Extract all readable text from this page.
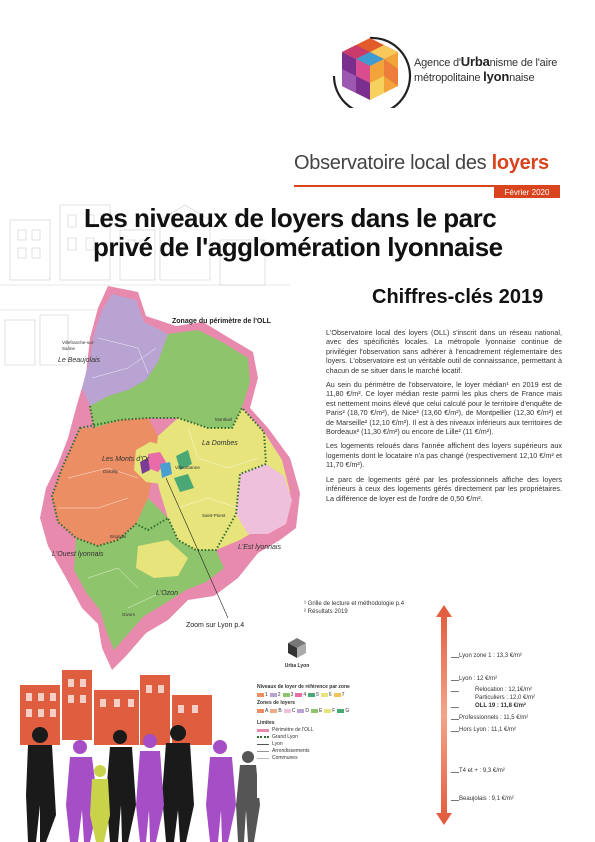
Agence d'Urbanisme de l'aire
métropolitaine lyonnaise
Observatoire local des loyers
Février 2020
Les niveaux de loyers dans le parc
privé de l'agglomération lyonnaise
Chiffres-clés 2019
Zonage du périmètre de l'OLL
Le Beaujolais
Les Monts d'Or
La Dombes
L'Ouest lyonnais
L'Est lyonnais
L'Ozon
Villefranche-sur-Saône
Montluel
Dardilly
Villeurbanne
Saint-Priest
Brignais
Givors
Zoom sur Lyon p.4

L'Observatoire local des loyers (OLL) s'inscrit dans un réseau national, avec des spécificités locales. La métropole lyonnaise continue de privilégier l'observation sans adhérer à l'encadrement réglementaire des loyers. L'observatoire est un véritable outil de connaissance, permettant à chacun de se situer dans le marché locatif.

Au sein du périmètre de l'observatoire, le loyer médian¹ en 2019 est de 11,80 €/m². Ce loyer médian reste parmi les plus chers de France mais est nettement moins élevé que celui calculé pour le territoire d'enquête de Paris² (18,70 €/m²), de Nice² (13,60 €/m²), de Montpellier (12,30 €/m²) et de Marseille² (12,10 €/m²). Il est à des niveaux inférieurs aux territoires de Bordeaux² (11,30 €/m²) ou encore de Lille² (11 €/m²).

Les logements reloués dans l'année affichent des loyers supérieurs aux logements dont le locataire n'a pas changé (respectivement 12,10 €/m² et 11,70 €/m²).

Le parc de logements géré par les professionnels affiche des loyers inférieurs à ceux des logements gérés directement par les propriétaires. La différence de loyer est de l'ordre de 0,50 €/m².

¹ Grille de lecture et méthodologie p.4
² Résultats 2019
Lyon zone 1 : 13,3 €/m²
Lyon : 12 €/m²
Relocation : 12,1€/m²
Particuliers : 12,0 €/m²
OLL 19 : 11,8 €/m²
Professionnels : 11,5 €/m²
Hors Lyon : 11,1 €/m²
T4 et + : 9,3 €/m²
Beaujolais : 9,1 €/m²
Urba Lyon
Niveaux de loyer de référence par zone
1 2 3 4 5 6 7
Zones de loyers
A B C D E F G
Limites
Périmètre de l'OLL
Grand Lyon
Lyon
Arrondissements
Communes
